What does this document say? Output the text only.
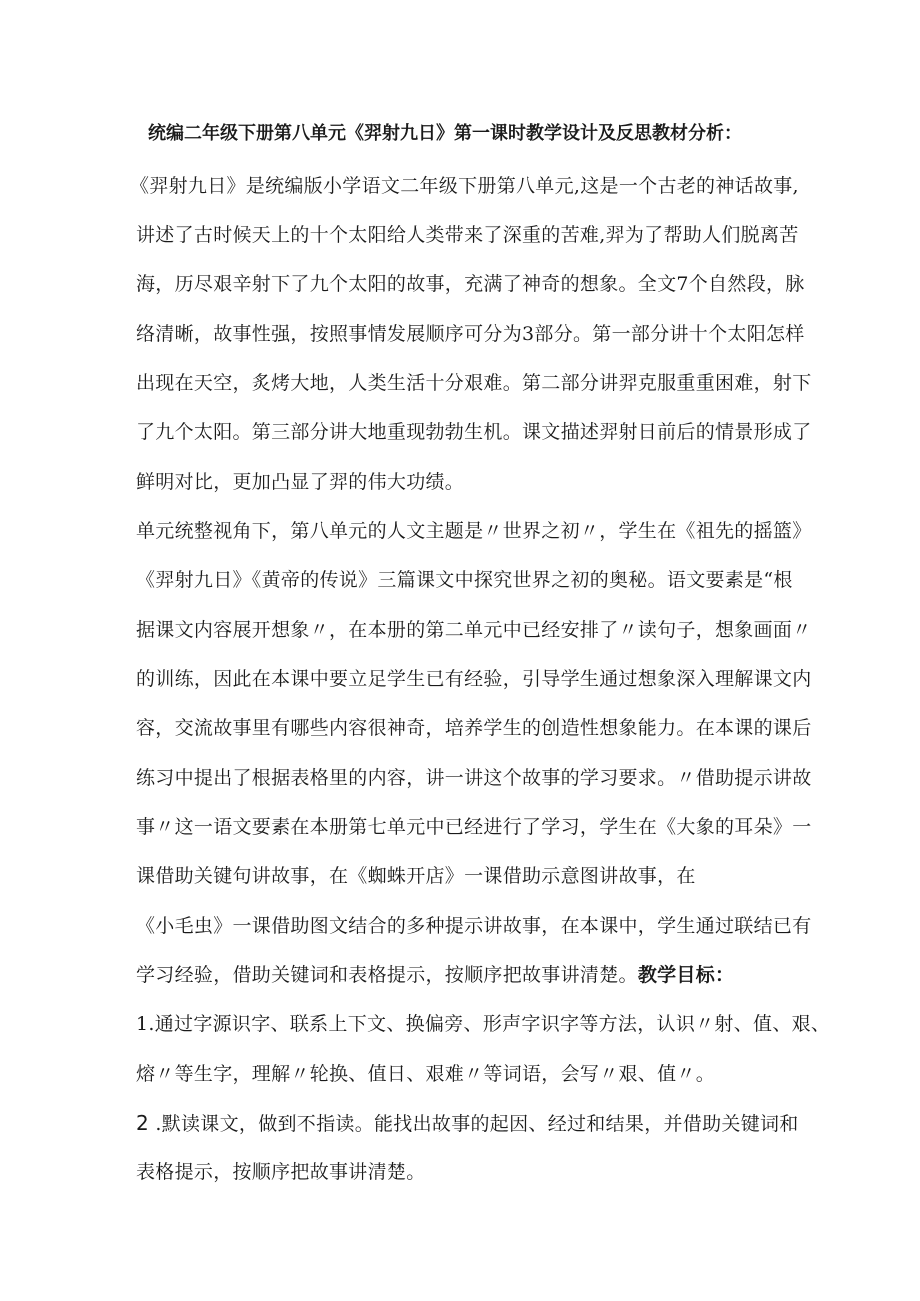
统编二年级下册第八单元《羿射九日》第一课时教学设计及反思教材分析：
《羿射九日》是统编版小学语文二年级下册第八单元,这是一个古老的神话故事,
讲述了古时候天上的十个太阳给人类带来了深重的苦难,羿为了帮助人们脱离苦
海，历尽艰辛射下了九个太阳的故事，充满了神奇的想象。全文7个自然段，脉
络清晰，故事性强，按照事情发展顺序可分为3部分。第一部分讲十个太阳怎样
出现在天空，炙烤大地，人类生活十分艰难。第二部分讲羿克服重重困难，射下
了九个太阳。第三部分讲大地重现勃勃生机。课文描述羿射日前后的情景形成了
鲜明对比，更加凸显了羿的伟大功绩。
单元统整视角下，第八单元的人文主题是〃世界之初〃，学生在《祖先的摇篮》
《羿射九日》《黄帝的传说》三篇课文中探究世界之初的奥秘。语文要素是“根
据课文内容展开想象〃，在本册的第二单元中已经安排了〃读句子，想象画面〃
的训练，因此在本课中要立足学生已有经验，引导学生通过想象深入理解课文内
容，交流故事里有哪些内容很神奇，培养学生的创造性想象能力。在本课的课后
练习中提出了根据表格里的内容，讲一讲这个故事的学习要求。〃借助提示讲故
事〃这一语文要素在本册第七单元中已经进行了学习，学生在《大象的耳朵》一
课借助关键句讲故事，在《蜘蛛开店》一课借助示意图讲故事，在
《小毛虫》一课借助图文结合的多种提示讲故事，在本课中，学生通过联结已有
学习经验，借助关键词和表格提示，按顺序把故事讲清楚。教学目标：
1.通过字源识字、联系上下文、换偏旁、形声字识字等方法，认识〃射、值、艰、
熔〃等生字，理解〃轮换、值日、艰难〃等词语，会写〃艰、值〃。
2 .默读课文，做到不指读。能找出故事的起因、经过和结果，并借助关键词和
表格提示，按顺序把故事讲清楚。
